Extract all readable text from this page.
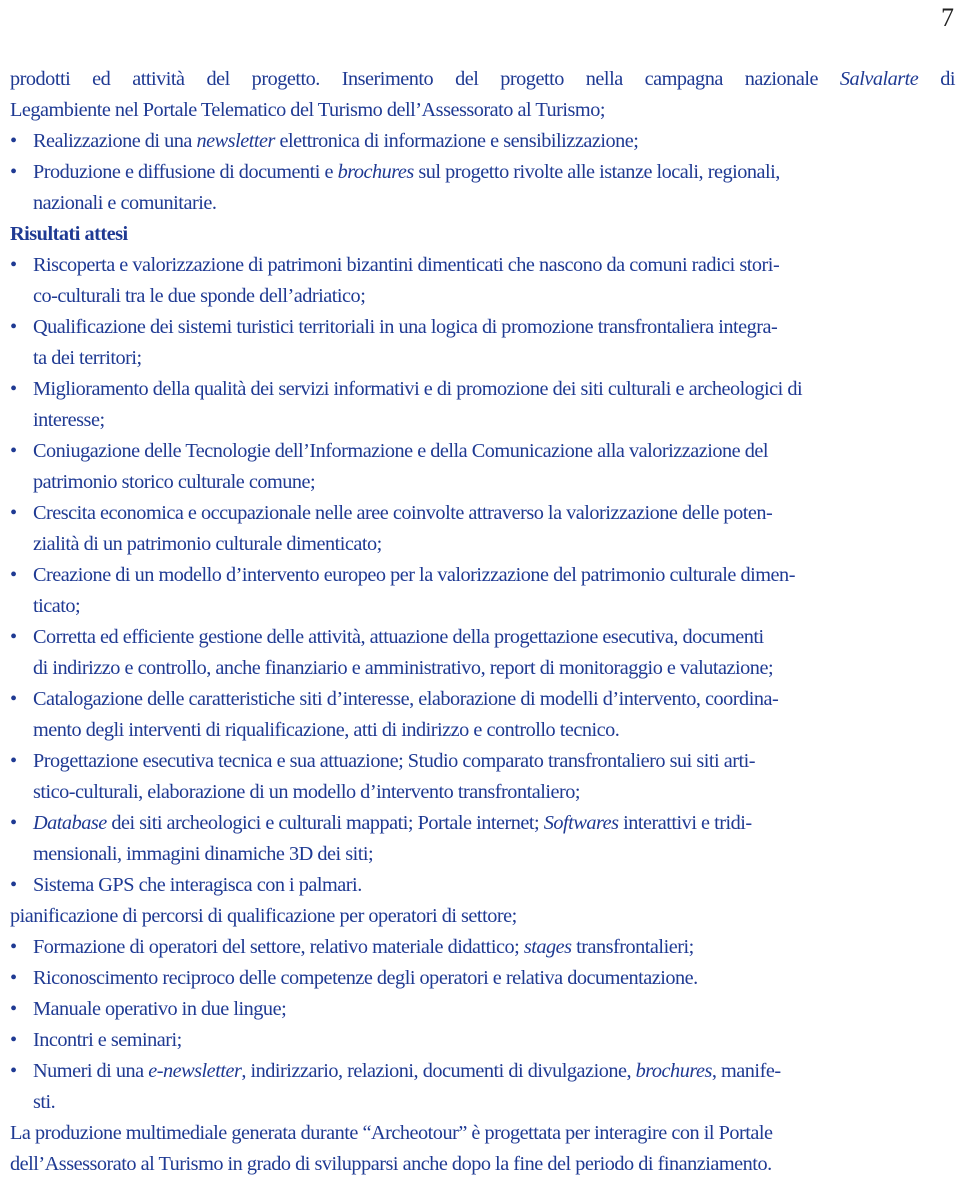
7
prodotti ed attività del progetto. Inserimento del progetto nella campagna nazionale Salvalarte di
Legambiente nel Portale Telematico del Turismo dell’Assessorato al Turismo;
• Realizzazione di una newsletter elettronica di informazione e sensibilizzazione;
• Produzione e diffusione di documenti e brochures sul progetto rivolte alle istanze locali, regionali,
nazionali e comunitarie.
Risultati attesi
• Riscoperta e valorizzazione di patrimoni bizantini dimenticati che nascono da comuni radici stori-
co-culturali tra le due sponde dell’adriatico;
• Qualificazione dei sistemi turistici territoriali in una logica di promozione transfrontaliera integra-
ta dei territori;
• Miglioramento della qualità dei servizi informativi e di promozione dei siti culturali e archeologici di
interesse;
• Coniugazione delle Tecnologie dell’Informazione e della Comunicazione alla valorizzazione del
patrimonio storico culturale comune;
• Crescita economica e occupazionale nelle aree coinvolte attraverso la valorizzazione delle poten-
zialità di un patrimonio culturale dimenticato;
• Creazione di un modello d’intervento europeo per la valorizzazione del patrimonio culturale dimen-
ticato;
• Corretta ed efficiente gestione delle attività, attuazione della progettazione esecutiva, documenti
di indirizzo e controllo, anche finanziario e amministrativo, report di monitoraggio e valutazione;
• Catalogazione delle caratteristiche siti d’interesse, elaborazione di modelli d’intervento, coordina-
mento degli interventi di riqualificazione, atti di indirizzo e controllo tecnico.
• Progettazione esecutiva tecnica e sua attuazione; Studio comparato transfrontaliero sui siti arti-
stico-culturali, elaborazione di un modello d’intervento transfrontaliero;
• Database dei siti archeologici e culturali mappati; Portale internet; Softwares interattivi e tridi-
mensionali, immagini dinamiche 3D dei siti;
• Sistema GPS che interagisca con i palmari.
pianificazione di percorsi di qualificazione per operatori di settore;
• Formazione di operatori del settore, relativo materiale didattico; stages transfrontalieri;
• Riconoscimento reciproco delle competenze degli operatori e relativa documentazione.
• Manuale operativo in due lingue;
• Incontri e seminari;
• Numeri di una e-newsletter, indirizzario, relazioni, documenti di divulgazione, brochures, manife-
sti.
La produzione multimediale generata durante “Archeotour” è progettata per interagire con il Portale
dell’Assessorato al Turismo in grado di svilupparsi anche dopo la fine del periodo di finanziamento.
